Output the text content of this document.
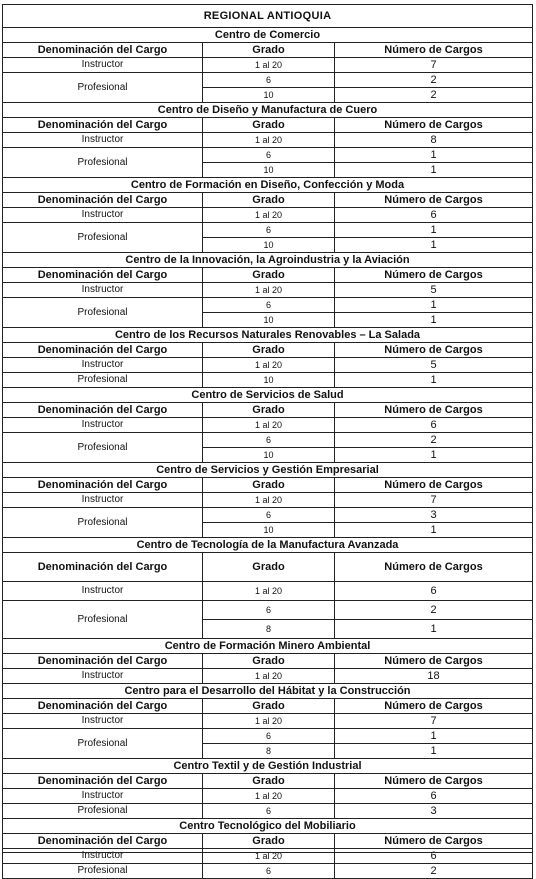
REGIONAL ANTIOQUIA		
Centro de Comercio		
Denominación del Cargo	Grado	Número de Cargos
Instructor	1 al 20	7
Profesional	6	2
	10	2
Centro de Diseño y Manufactura de Cuero		
Denominación del Cargo	Grado	Número de Cargos
Instructor	1 al 20	8
Profesional	6	1
	10	1
Centro de Formación en Diseño, Confección y Moda		
Denominación del Cargo	Grado	Número de Cargos
Instructor	1 al 20	6
Profesional	6	1
	10	1
Centro de la Innovación, la Agroindustria y la Aviación		
Denominación del Cargo	Grado	Número de Cargos
Instructor	1 al 20	5
Profesional	6	1
	10	1
Centro de los Recursos Naturales Renovables – La Salada		
Denominación del Cargo	Grado	Número de Cargos
Instructor	1 al 20	5
Profesional	10	1
Centro de Servicios de Salud		
Denominación del Cargo	Grado	Número de Cargos
Instructor	1 al 20	6
Profesional	6	2
	10	1
Centro de Servicios y Gestión Empresarial		
Denominación del Cargo	Grado	Número de Cargos
Instructor	1 al 20	7
Profesional	6	3
	10	1
Centro de Tecnología de la Manufactura Avanzada		
Denominación del Cargo	Grado	Número de Cargos
Instructor	1 al 20	6
Profesional	6	2
	8	1
Centro de Formación Minero Ambiental		
Denominación del Cargo	Grado	Número de Cargos
Instructor	1 al 20	18
Centro para el Desarrollo del Hábitat y la Construcción		
Denominación del Cargo	Grado	Número de Cargos
Instructor	1 al 20	7
Profesional	6	1
	8	1
Centro Textil y de Gestión Industrial		
Denominación del Cargo	Grado	Número de Cargos
Instructor	1 al 20	6
Profesional	6	3
Centro Tecnológico del Mobiliario		
Denominación del Cargo	Grado	Número de Cargos
Instructor	1 al 20	6
Profesional	6	2
